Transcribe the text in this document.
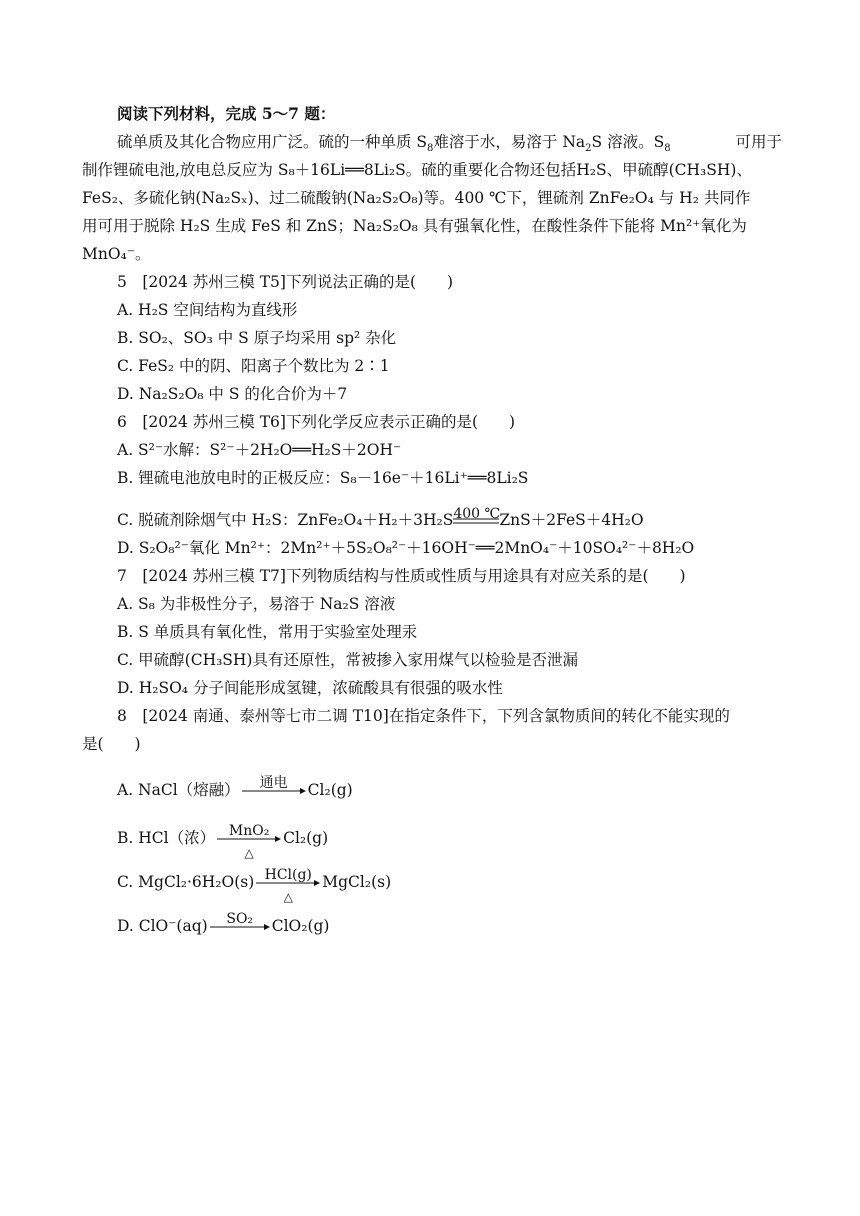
阅读下列材料，完成 5～7 题：
硫单质及其化合物应用广泛。硫的一种单质 $S_8$难溶于水，易溶于 $Na_2S$ 溶液。$S_8$	可用于
制作锂硫电池,放电总反应为 S₈＋16Li══8Li₂S。硫的重要化合物还包括H₂S、甲硫醇(CH₃SH)、
FeS₂、多硫化钠(Na₂Sₓ)、过二硫酸钠(Na₂S₂O₈)等。400 ℃下，锂硫剂 ZnFe₂O₄ 与 H₂ 共同作
用可用于脱除 H₂S 生成 FeS 和 ZnS；Na₂S₂O₈ 具有强氧化性，在酸性条件下能将 Mn²⁺氧化为
MnO₄⁻。
5　[2024 苏州三模 T5]下列说法正确的是(　　)
A. H₂S 空间结构为直线形
B. SO₂、SO₃ 中 S 原子均采用 sp² 杂化
C. FeS₂ 中的阴、阳离子个数比为 2∶1
D. Na₂S₂O₈ 中 S 的化合价为＋7
6　[2024 苏州三模 T6]下列化学反应表示正确的是(　　)
A. S²⁻水解：S²⁻＋2H₂O══H₂S＋2OH⁻
B. 锂硫电池放电时的正极反应：S₈－16e⁻＋16Li⁺══8Li₂S
C. 脱硫剂除烟气中 H₂S：ZnFe₂O₄＋H₂＋3H₂S 400 ℃ ZnS＋2FeS＋4H₂O
D. S₂O₈²⁻氧化 Mn²⁺：2Mn²⁺＋5S₂O₈²⁻＋16OH⁻══2MnO₄⁻＋10SO₄²⁻＋8H₂O
7　[2024 苏州三模 T7]下列物质结构与性质或性质与用途具有对应关系的是(　　)
A. S₈ 为非极性分子，易溶于 Na₂S 溶液
B. S 单质具有氧化性，常用于实验室处理汞
C. 甲硫醇(CH₃SH)具有还原性，常被掺入家用煤气以检验是否泄漏
D. H₂SO₄ 分子间能形成氢键，浓硫酸具有很强的吸水性
8　[2024 南通、泰州等七市二调 T10]在指定条件下，下列含氯物质间的转化不能实现的
是(　　)
A. NaCl（熔融）	通电	Cl₂(g)
B. HCl（浓） MnO₂
△
Cl₂(g)
C. MgCl₂·6H₂O(s) HCl(g)
△
MgCl₂(s)
D. ClO⁻(aq)	SO₂	ClO₂(g)
